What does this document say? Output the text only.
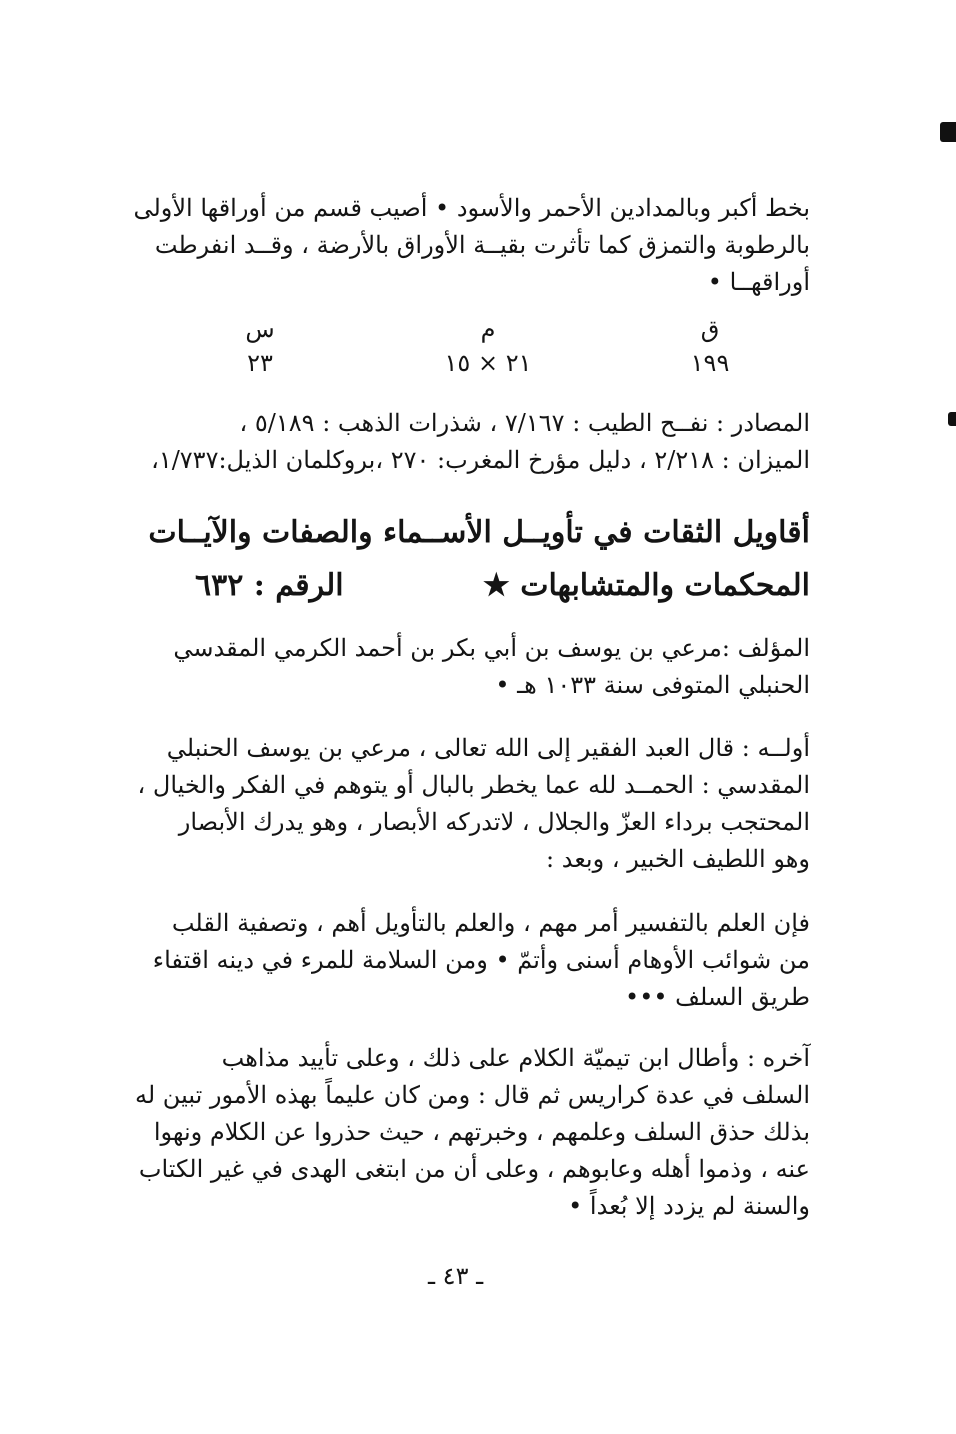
بخط أكبر وبالمدادين الأحمر والأسود • أصيب قسم من أوراقها الأولى
بالرطوبة والتمزق كما تأثرت بقيــة الأوراق بالأرضة ، وقــد انفرطت
أوراقهــا •
ق
١٩٩
م
٢١ × ١٥
س
٢٣
المصادر : نفــح الطيب : ٧/١٦٧ ، شذرات الذهب : ٥/١٨٩ ،
الميزان : ٢/٢١٨ ، دليل مؤرخ المغرب: ٢٧٠ ،بروكلمان الذيل:١/٧٣٧،
أقاويل الثقات في تأويــل الأســماء والصفات والآيــات
المحكمات والمتشابهات ★
الرقم : ٦٣٢
المؤلف :مرعي بن يوسف بن أبي بكر بن أحمد الكرمي المقدسي
الحنبلي المتوفى سنة ١٠٣٣ هـ •
أولــه : قال العبد الفقير إلى الله تعالى ، مرعي بن يوسف الحنبلي
المقدسي : الحمــد لله عما يخطر بالبال أو يتوهم في الفكر والخيال ،
المحتجب برداء العزّ والجلال ، لاتدركه الأبصار ، وهو يدرك الأبصار
وهو اللطيف الخبير ، وبعد :
فإن العلم بالتفسير أمر مهم ، والعلم بالتأويل أهم ، وتصفية القلب
من شوائب الأوهام أسنى وأتمّ • ومن السلامة للمرء في دينه اقتفاء
طريق السلف •••
آخره : وأطال ابن تيميّة الكلام على ذلك ، وعلى تأييد مذاهب
السلف في عدة كراريس ثم قال : ومن كان عليماً بهذه الأمور تبين له
بذلك حذق السلف وعلمهم ، وخبرتهم ، حيث حذروا عن الكلام ونهوا
عنه ، وذموا أهله وعابوهم ، وعلى أن من ابتغى الهدى في غير الكتاب
والسنة لم يزدد إلا بُعداً •
ـ ٤٣ ـ
